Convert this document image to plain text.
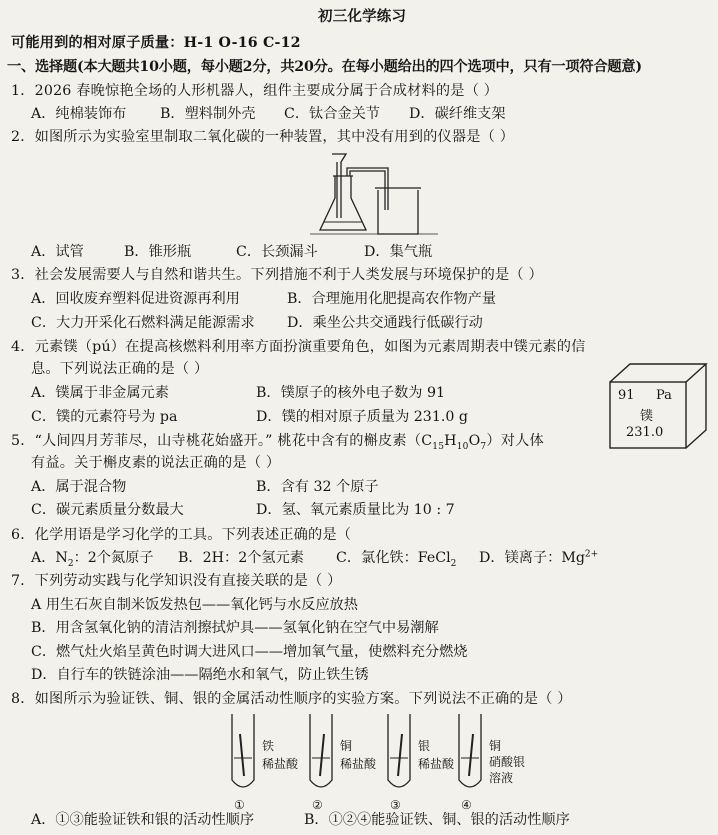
初三化学练习
可能用到的相对原子质量：H-1 O-16 C-12
一、选择题(本大题共10小题，每小题2分，共20分。在每小题给出的四个选项中，只有一项符合题意)
1．2026 春晚惊艳全场的人形机器人，组件主要成分属于合成材料的是（ ）
A．纯棉装饰布 B．塑料制外壳 C．钛合金关节 D．碳纤维支架
2．如图所示为实验室里制取二氧化碳的一种装置，其中没有用到的仪器是（ ）
A．试管	B．锥形瓶	C．长颈漏斗	D．集气瓶
3．社会发展需要人与自然和谐共生。下列措施不利于人类发展与环境保护的是（ ）
A．回收废弃塑料促进资源再利用	B．合理施用化肥提高农作物产量
C．大力开采化石燃料满足能源需求 D．乘坐公共交通践行低碳行动
4．元素镤（pú）在提高核燃料利用率方面扮演重要角色，如图为元素周期表中镤元素的信
息。下列说法正确的是（ ）
A．镤属于非金属元素	B．镤原子的核外电子数为 91
C．镤的元素符号为 pa	D．镤的相对原子质量为 231.0 g
91 Pa
镤
231.0
5．“人间四月芳菲尽，山寺桃花始盛开。” 桃花中含有的槲皮素$(C_{15}H_{10}O_7)$对人体
有益。关于槲皮素的说法正确的是（ ）
A．属于混合物	B．含有 32 个原子
C．碳元素质量分数最大	D．氢、氧元素质量比为 10 : 7
6．化学用语是学习化学的工具。下列表述正确的是（
A．$N_2$：2个氮原子 B．2H：2个氢元素 C．氯化铁：FeCl$_2$ D．镁离子：$Mg^{2+}$
7．下列劳动实践与化学知识没有直接关联的是（ ）
A 用生石灰自制米饭发热包——氧化钙与水反应放热
B．用含氢氧化钠的清洁剂擦拭炉具——氢氧化钠在空气中易潮解
C．燃气灶火焰呈黄色时调大进风口——增加氧气量，使燃料充分燃烧
D．自行车的铁链涂油——隔绝水和氧气，防止铁生锈
8．如图所示为验证铁、铜、银的金属活动性顺序的实验方案。下列说法不正确的是（ ）
铁
稀盐酸
①
铜
稀盐酸
②
银
稀盐酸
③
铜
硝酸银
溶液
④
A．①③能验证铁和银的活动性顺序	B．①②④能验证铁、铜、银的活动性顺序
